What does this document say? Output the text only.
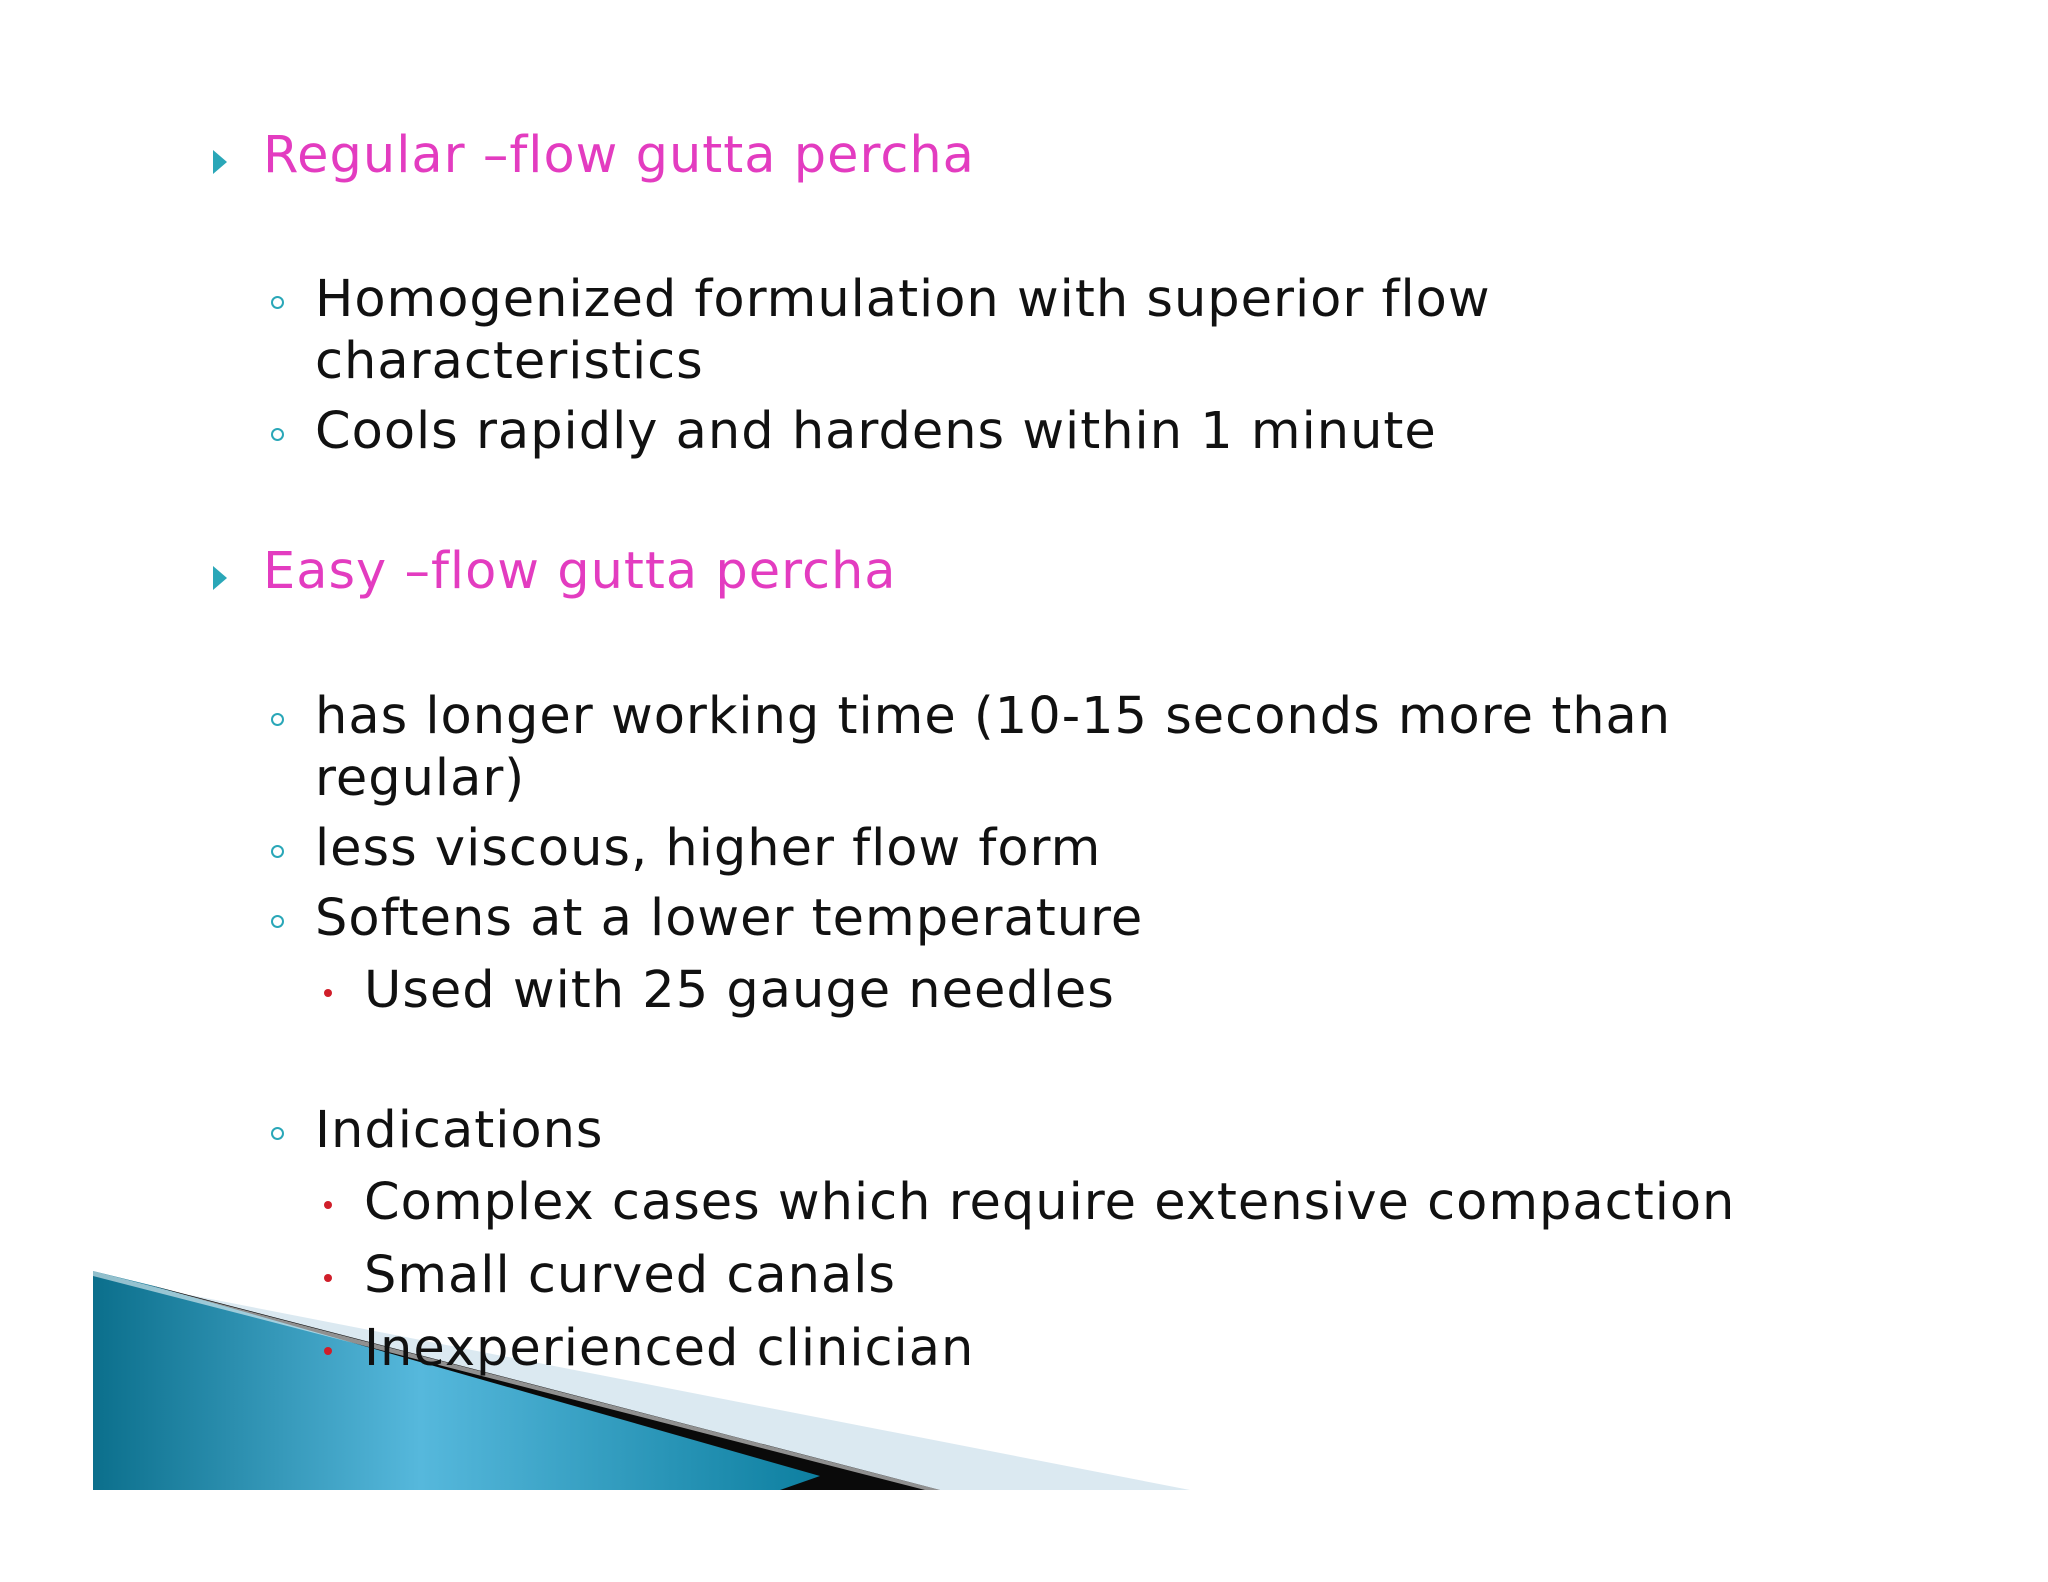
Regular –flow gutta percha
Homogenized formulation with superior flow
characteristics
Cools rapidly and hardens within 1 minute
Easy –flow gutta percha
has longer working time (10-15 seconds more than
regular)
less viscous, higher flow form
Softens at a lower temperature
Used with 25 gauge needles
Indications
Complex cases which require extensive compaction
Small curved canals
Inexperienced clinician
